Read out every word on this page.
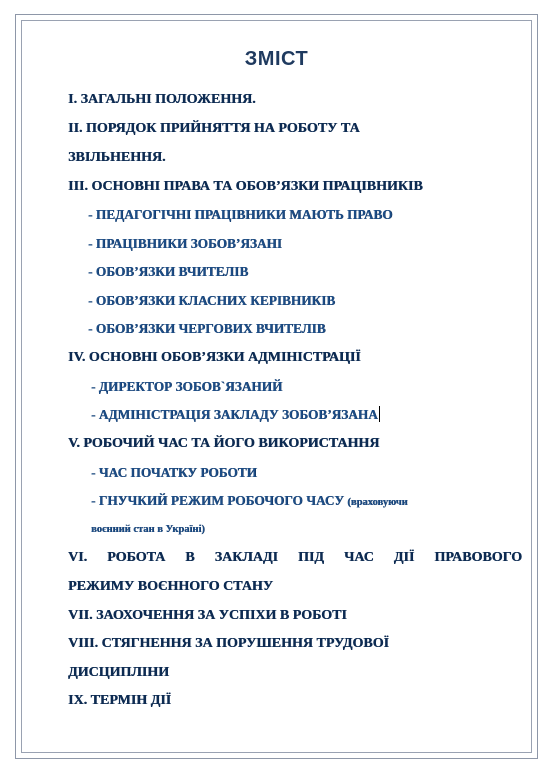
ЗМІСТ
І. ЗАГАЛЬНІ ПОЛОЖЕННЯ.
ІІ. ПОРЯДОК ПРИЙНЯТТЯ НА РОБОТУ ТА
ЗВІЛЬНЕННЯ.
ІІІ. ОСНОВНІ ПРАВА ТА ОБОВ’ЯЗКИ ПРАЦІВНИКІВ
- ПЕДАГОГІЧНІ ПРАЦІВНИКИ МАЮТЬ ПРАВО
- ПРАЦІВНИКИ ЗОБОВ’ЯЗАНІ
- ОБОВ’ЯЗКИ ВЧИТЕЛІВ
- ОБОВ’ЯЗКИ КЛАСНИХ КЕРІВНИКІВ
- ОБОВ’ЯЗКИ ЧЕРГОВИХ ВЧИТЕЛІВ
IV. ОСНОВНІ ОБОВ’ЯЗКИ АДМІНІСТРАЦІЇ
- ДИРЕКТОР ЗОБОВ`ЯЗАНИЙ
- АДМІНІСТРАЦІЯ ЗАКЛАДУ ЗОБОВ’ЯЗАНА
V. РОБОЧИЙ ЧАС ТА ЙОГО ВИКОРИСТАННЯ
- ЧАС ПОЧАТКУ РОБОТИ
- ГНУЧКИЙ РЕЖИМ РОБОЧОГО ЧАСУ (враховуючи
воєнний стан в Україні)
VI. РОБОТА В ЗАКЛАДІ ПІД ЧАС ДІЇ ПРАВОВОГО
РЕЖИМУ ВОЄННОГО СТАНУ
VІІ. ЗАОХОЧЕННЯ ЗА УСПІХИ В РОБОТІ
VІІІ. СТЯГНЕННЯ ЗА ПОРУШЕННЯ ТРУДОВОЇ
ДИСЦИПЛІНИ
ІХ. ТЕРМІН ДІЇ
